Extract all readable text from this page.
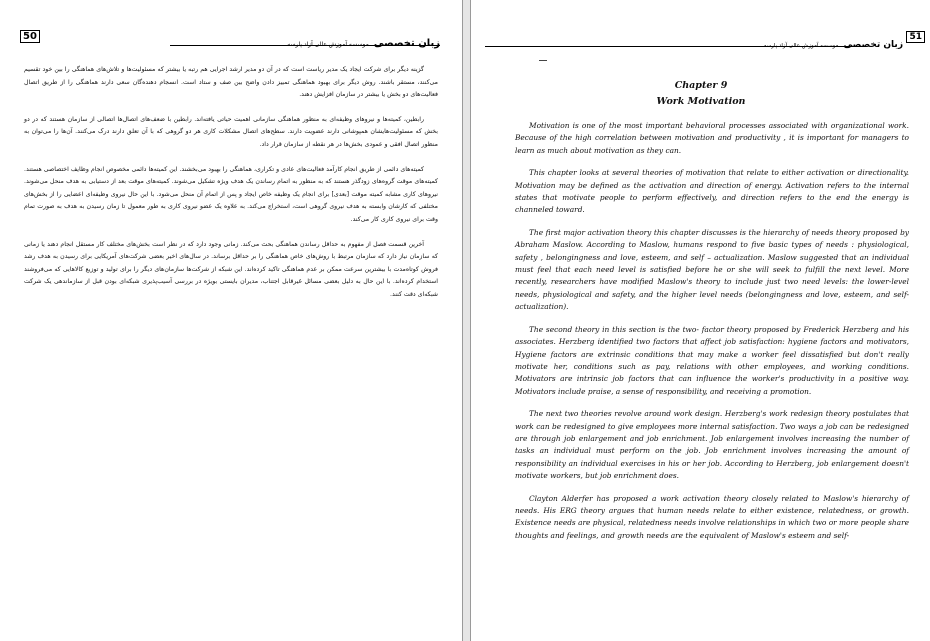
50
زبان تخصصی موسسه آموزش عالی آزاد پارسه

گزینه دیگر برای شرکت ایجاد یک مدیر ریاست است که در آن دو مدیر ارشد اجرایی هم رتبه یا بیشتر که مسئولیت‌ها و تلاش‌های هماهنگی را بین خود تقسیم می‌کنند، مستقر باشند. روش دیگر برای بهبود هماهنگی تمییز دادن واضح بین صف و ستاد است. انسجام دهنده‌گان سعی دارند هماهنگی را از طریق اتصال فعالیت‌های دو بخش یا بیشتر در سازمان افزایش دهند.

رابطین، کمیته‌ها و نیروهای وظیفه‌ای به منظور هماهنگی سازمانی اهمیت حیاتی یافته‌اند. رابطین با ضعف‌های اتصال‌ها اتصالی از سازمان هستند که در دو بخش که مسئولیت‌هایشان همپوشانی دارند عضویت دارند. سطح‌های اتصال مشکلات کاری هر دو گروهی که با آن تعلق دارند درک می‌کنند. آن‌ها را می‌توان به منظور اتصال افقی و عمودی بخش‌ها در هر نقطه از سازمان قرار داد.

کمیته‌های دائمی از طریق انجام کارآمد فعالیت‌های عادی و تکراری، هماهنگی را بهبود می‌بخشند. این کمیته‌ها دائمی مخصوص انجام وظایف اختصاصی هستند. کمیته‌های موقت گروه‌های زودگذر هستند که به منظور به اتمام رساندن یک هدف ویژه تشکیل می‌شوند. کمیته‌های موقت بعد از دستیابی به هدف منحل می‌شوند. نیروهای کاری مشابه کمیته موقت [بعدی] برای انجام یک وظیفه خاص ایجاد و پس از اتمام آن منحل می‌شود. با این حال نیروی وظیفه‌ای اعضایی را از بخش‌های مختلفی که کارشان وابسته به هدف نیروی گروهی است، استخراج می‌کند. به علاوه یک عضو نیروی کاری به طور معمول تا زمان رسیدن به هدف به صورت تمام وقت برای نیروی کاری کار می‌کند.

آخرین قسمت فصل از مفهوم به حداقل رساندن هماهنگی بحث می‌کند. زمانی وجود دارد که در نظر است بخش‌های مختلف کار مستقل انجام دهند یا زمانی که سازمان نیاز دارد که سازمان مرتبط با روش‌های خاص هماهنگی را بر حداقل برساند. در سال‌های اخیر بعضی شرکت‌های آمریکایی برای رسیدن به هدف رشد فروش کوتاه‌مدت با بیشترین سرعت ممکن بر عدم هماهنگی تاکید کرده‌اند. این شبکه از شرکت‌ها سازمان‌های دیگر را برای تولید و توزیع کالاهایی که می‌فروشند استخدام کرده‌اند. با این حال به دلیل بعضی مسائل غیرقابل اجتناب، مدیران بایستی بویژه در بررسی آسیب‌پذیری شبکه‌ای بودن قبل از سازماندهی یک شرکت شبکه‌ای دقت کنند.

زبان تخصصی موسسه آموزش عالی آزاد پارسه
51
Chapter 9
Work Motivation

Motivation is one of the most important behavioral processes associated with organizational work. Because of the high correlation between motivation and productivity , it is important for managers to learn as much about motivation as they can.

This chapter looks at several theories of motivation that relate to either activation or directionality. Motivation may be defined as the activation and direction of energy. Activation refers to the internal states that motivate people to perform effectively, and direction refers to the end the energy is channeled toward.

The first major activation theory this chapter discusses is the hierarchy of needs theory proposed by Abraham Maslow. According to Maslow, humans respond to five basic types of needs : physiological, safety , belongingness and love, esteem, and self – actualization. Maslow suggested that an individual must feel that each need level is satisfied before he or she will seek to fulfill the next level. More recently, researchers have modified Maslow's theory to include just two need levels: the lower-level needs, physiological and safety, and the higher level needs (belongingness and love, esteem, and self-actualization).

The second theory in this section is the two- factor theory proposed by Frederick Herzberg and his associates. Herzberg identified two factors that affect job satisfaction: hygiene factors and motivators, Hygiene factors are extrinsic conditions that may make a worker feel dissatisfied but don't really motivate her, conditions such as pay, relations with other employees, and working conditions. Motivators are intrinsic job factors that can influence the worker's productivity in a positive way. Motivators include praise, a sense of responsibility, and receiving a promotion.

The next two theories revolve around work design. Herzberg's work redesign theory postulates that work can be redesigned to give employees more internal satisfaction. Two ways a job can be redesigned are through job enlargement and job enrichment. Job enlargement involves increasing the number of tasks an individual must perform on the job. Job enrichment involves increasing the amount of responsibility an individual exercises in his or her job. According to Herzberg, job enlargement doesn't motivate workers, but job enrichment does.

Clayton Alderfer has proposed a work activation theory closely related to Maslow's hierarchy of needs. His ERG theory argues that human needs relate to either existence, relatedness, or growth. Existence needs are physical, relatedness needs involve relationships in which two or more people share thoughts and feelings, and growth needs are the equivalent of Maslow's esteem and self-
